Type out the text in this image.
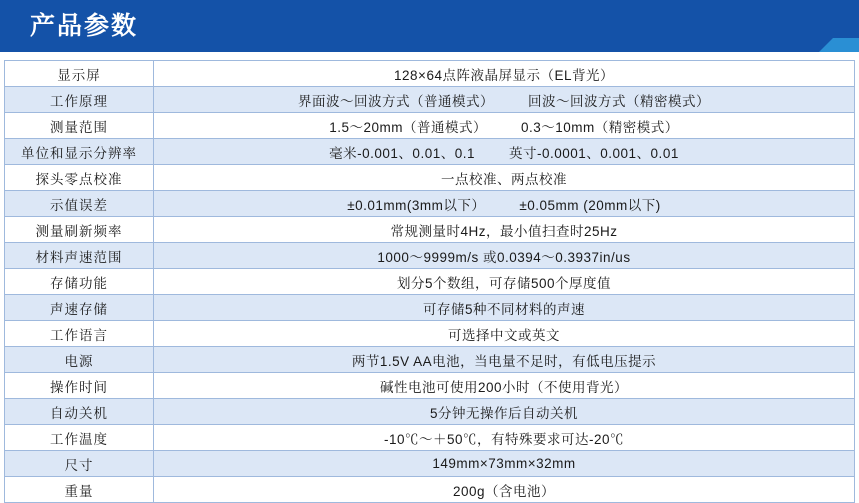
产品参数
显示屏	128×64点阵液晶屏显示（EL背光）
工作原理	界面波～回波方式（普通模式） 回波～回波方式（精密模式）
测量范围	1.5～20mm（普通模式） 0.3～10mm（精密模式）
单位和显示分辨率	毫米-0.001、0.01、0.1 英寸-0.0001、0.001、0.01
探头零点校准	一点校准、两点校准
示值误差	±0.01mm(3mm以下） ±0.05mm (20mm以下)
测量刷新频率	常规测量时4Hz，最小值扫查时25Hz
材料声速范围	1000～9999m/s 或0.0394～0.3937in/us
存储功能	划分5个数组，可存储500个厚度值
声速存储	可存储5种不同材料的声速
工作语言	可选择中文或英文
电源	两节1.5V AA电池，当电量不足时，有低电压提示
操作时间	碱性电池可使用200小时（不使用背光）
自动关机	5分钟无操作后自动关机
工作温度	-10℃～＋50℃，有特殊要求可达-20℃
尺寸	149mm×73mm×32mm
重量	200g（含电池）
